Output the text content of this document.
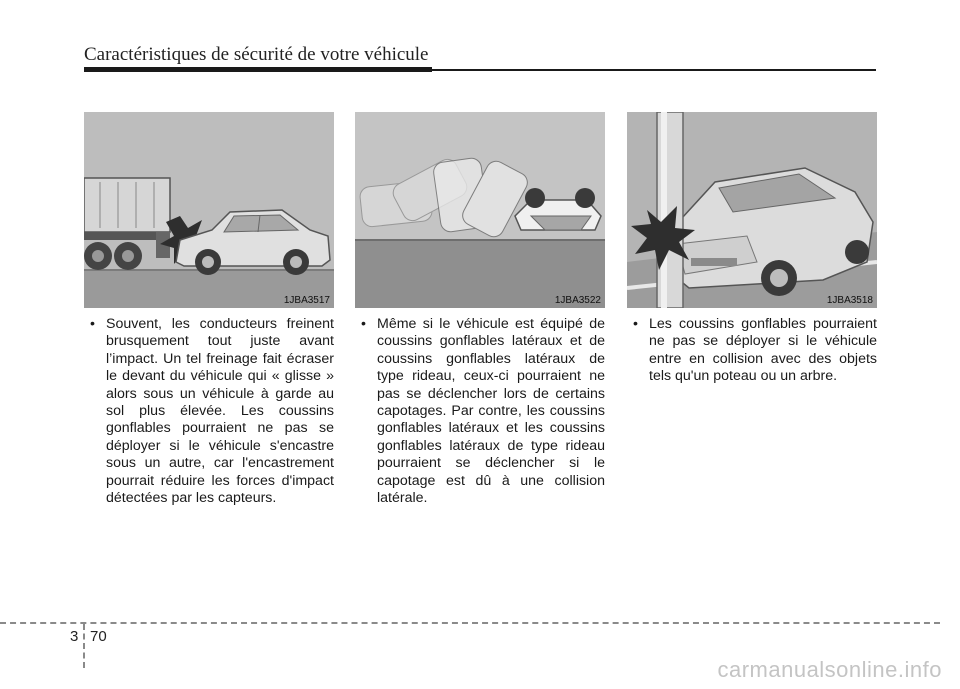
Caractéristiques de sécurité de votre véhicule
1JBA3517	1JBA3522	1JBA3518
• Souvent, les conducteurs freinent brusquement tout juste avant l’impact. Un tel freinage fait écraser le devant du véhicule qui « glisse » alors sous un véhicule à garde au sol plus élevée. Les coussins gonflables pourraient ne pas se déployer si le véhicule s'encastre sous un autre, car l'encastrement pourrait réduire les forces d'impact détectées par les capteurs.
• Même si le véhicule est équipé de coussins gonflables latéraux et de coussins gonflables latéraux de type rideau, ceux-ci pourraient ne pas se déclencher lors de certains capotages. Par contre, les coussins gonflables latéraux et les coussins gonflables latéraux de type rideau pourraient se déclencher si le capotage est dû à une collision latérale.
• Les coussins gonflables pourraient ne pas se déployer si le véhicule entre en collision avec des objets tels qu'un poteau ou un arbre.
3 70
carmanualsonline.info
